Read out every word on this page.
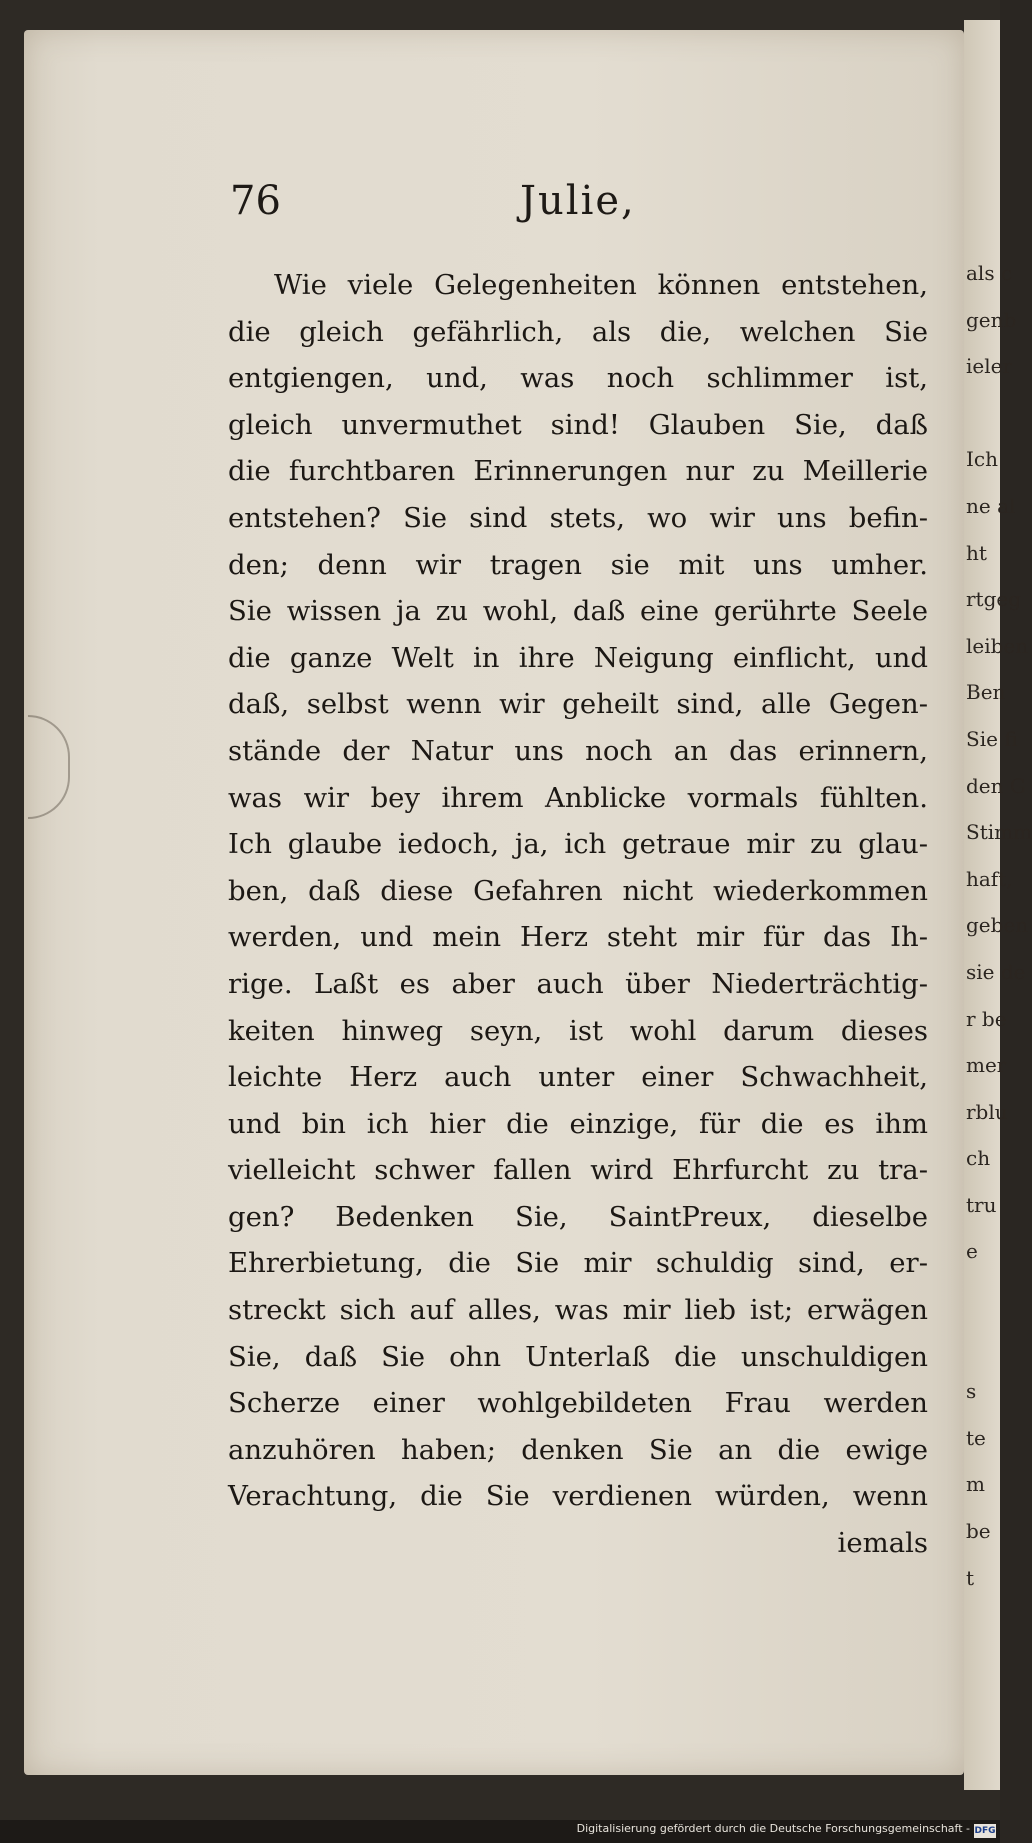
als c
genb
ieler
Ich
ne al
ht
rtgeg
leiben
Ben
Sie fi
den G
Stimm
haft,
geben
sie de
r be
mer
rblu
ch
tru
e
s
te
m
be
t
76	Julie,
Wie viele Gelegenheiten können entstehen,
die gleich gefährlich, als die, welchen Sie
entgiengen, und, was noch schlimmer ist,
gleich unvermuthet sind! Glauben Sie, daß
die furchtbaren Erinnerungen nur zu Meillerie
entstehen? Sie sind stets, wo wir uns befin-
den; denn wir tragen sie mit uns umher.
Sie wissen ja zu wohl, daß eine gerührte Seele
die ganze Welt in ihre Neigung einflicht, und
daß, selbst wenn wir geheilt sind, alle Gegen-
stände der Natur uns noch an das erinnern,
was wir bey ihrem Anblicke vormals fühlten.
Ich glaube iedoch, ja, ich getraue mir zu glau-
ben, daß diese Gefahren nicht wiederkommen
werden, und mein Herz steht mir für das Ih-
rige. Laßt es aber auch über Niederträchtig-
keiten hinweg seyn, ist wohl darum dieses
leichte Herz auch unter einer Schwachheit,
und bin ich hier die einzige, für die es ihm
vielleicht schwer fallen wird Ehrfurcht zu tra-
gen? Bedenken Sie, SaintPreux, dieselbe
Ehrerbietung, die Sie mir schuldig sind, er-
streckt sich auf alles, was mir lieb ist; erwägen
Sie, daß Sie ohn Unterlaß die unschuldigen
Scherze einer wohlgebildeten Frau werden
anzuhören haben; denken Sie an die ewige
Verachtung, die Sie verdienen würden, wenn
iemals
Digitalisierung gefördert durch die Deutsche Forschungsgemeinschaft - DFG
